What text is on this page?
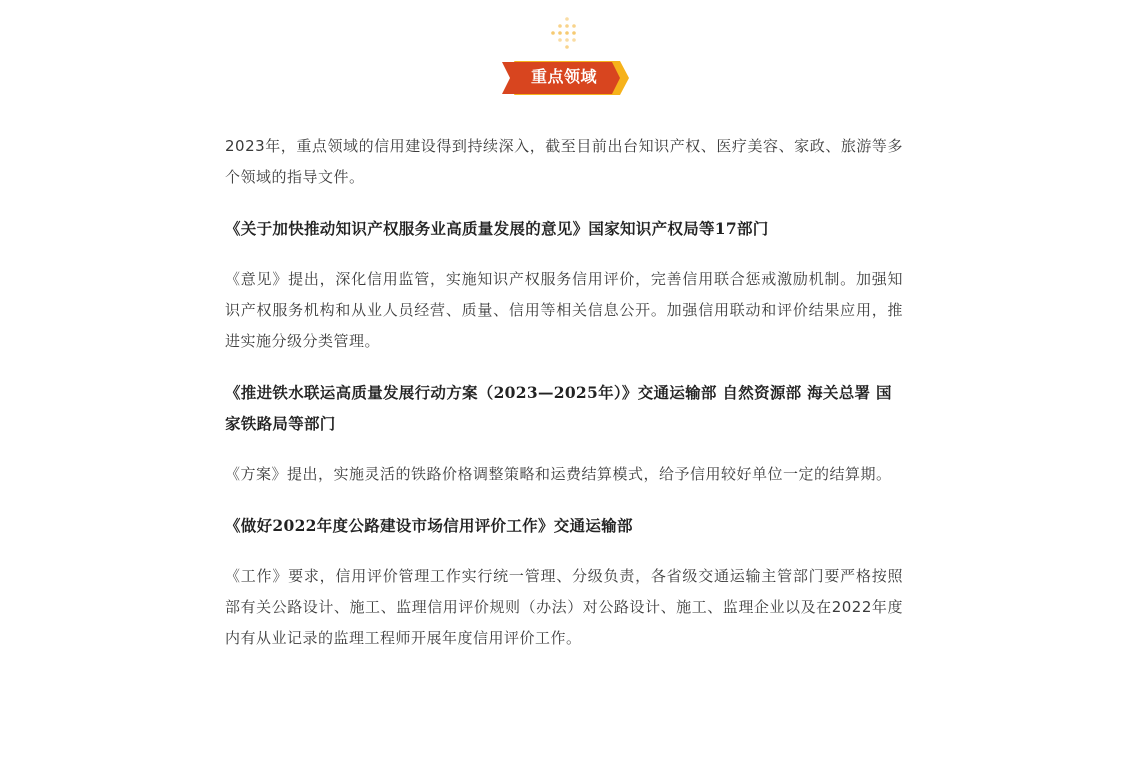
重点领域

2023年，重点领域的信用建设得到持续深入，截至目前出台知识产权、医疗美容、家政、旅游等多个领域的指导文件。

《关于加快推动知识产权服务业高质量发展的意见》国家知识产权局等17部门

《意见》提出，深化信用监管，实施知识产权服务信用评价，完善信用联合惩戒激励机制。加强知识产权服务机构和从业人员经营、质量、信用等相关信息公开。加强信用联动和评价结果应用，推进实施分级分类管理。

《推进铁水联运高质量发展行动方案（2023—2025年）》交通运输部 自然资源部 海关总署 国家铁路局等部门

《方案》提出，实施灵活的铁路价格调整策略和运费结算模式，给予信用较好单位一定的结算期。

《做好2022年度公路建设市场信用评价工作》交通运输部

《工作》要求，信用评价管理工作实行统一管理、分级负责，各省级交通运输主管部门要严格按照部有关公路设计、施工、监理信用评价规则（办法）对公路设计、施工、监理企业以及在2022年度内有从业记录的监理工程师开展年度信用评价工作。
